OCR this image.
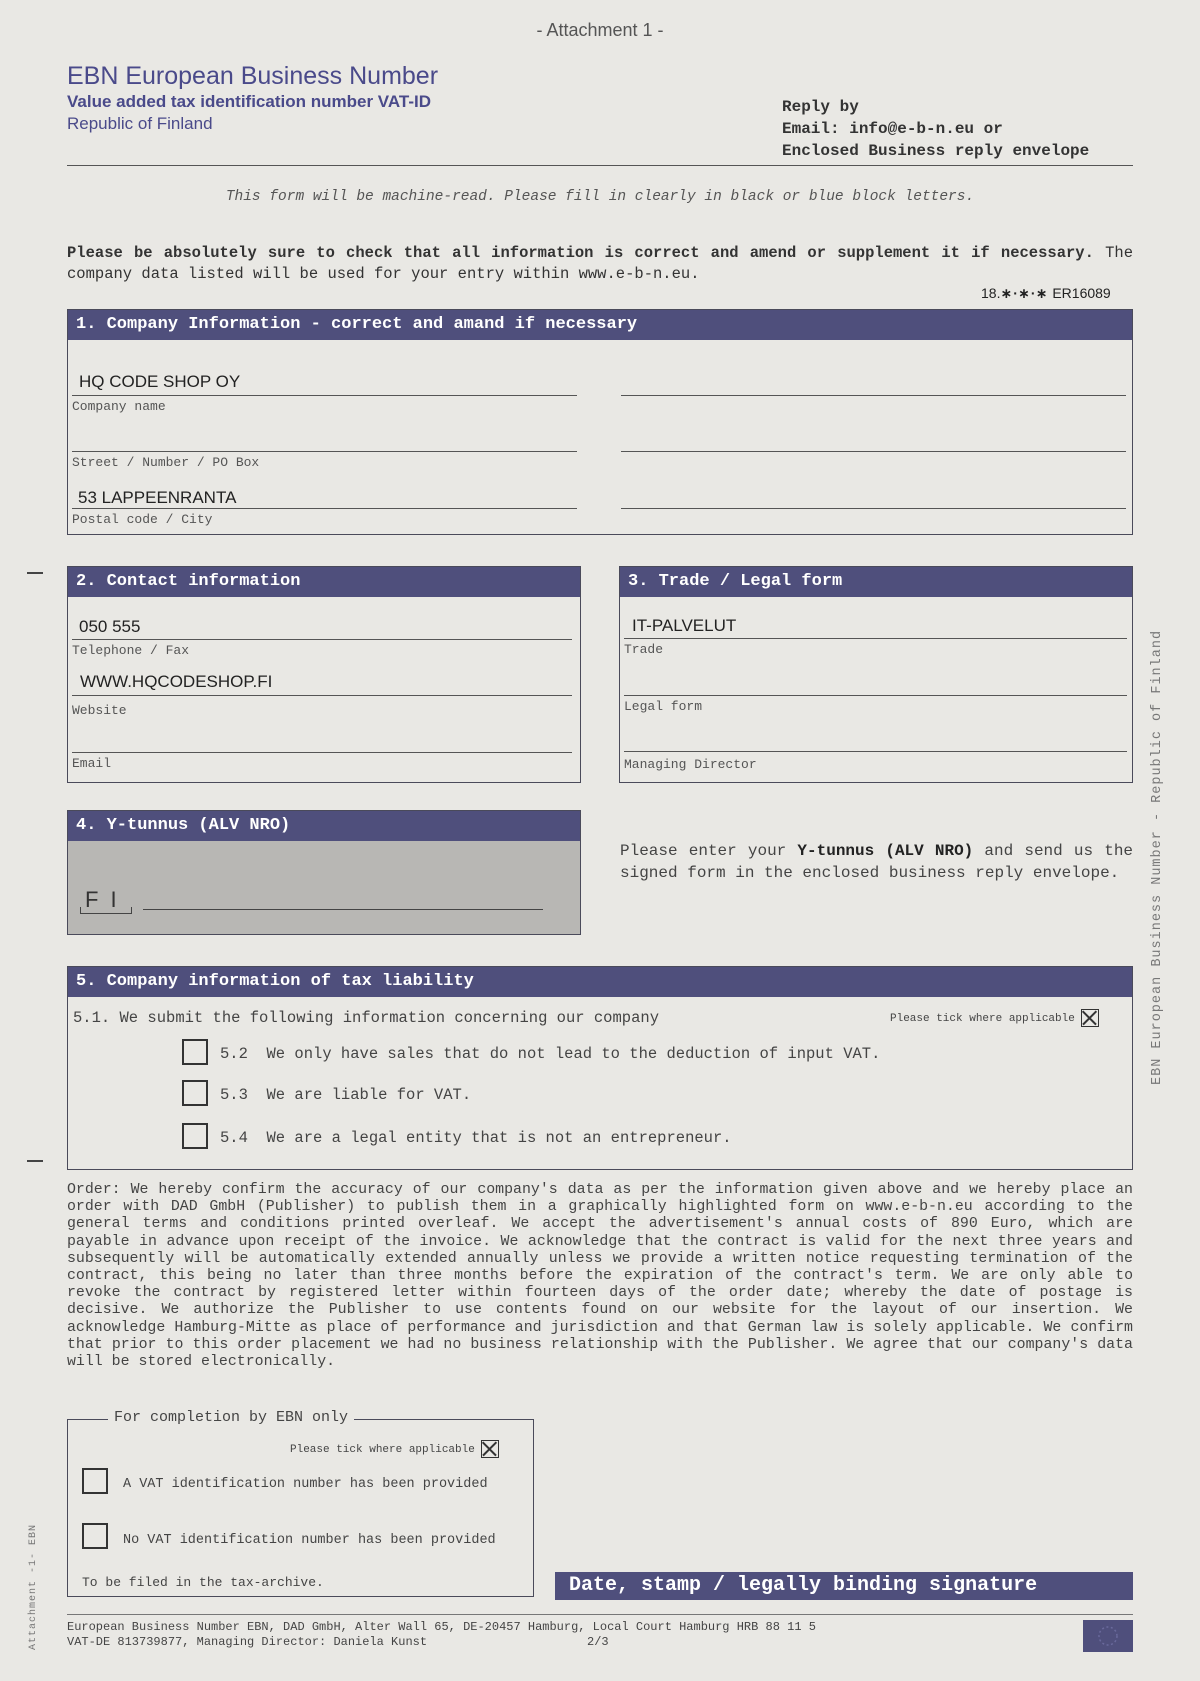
- Attachment 1 -
EBN European Business Number
Value added tax identification number VAT-ID
Republic of Finland
Reply by
Email: info@e-b-n.eu or
Enclosed Business reply envelope
This form will be machine-read. Please fill in clearly in black or blue block letters.
Please be absolutely sure to check that all information is correct and amend or supplement it if necessary. The company data listed will be used for your entry within www.e-b-n.eu.
18.∗∙∗∙∗ ER16089
1. Company Information - correct and amand if necessary
HQ CODE SHOP OY
Company name
Street / Number / PO Box
53 LAPPEENRANTA
Postal code / City
2. Contact information
050 555
Telephone / Fax
WWW.HQCODESHOP.FI
Website
Email
3. Trade / Legal form
IT-PALVELUT
Trade
Legal form
Managing Director
4. Y-tunnus (ALV NRO)
F I
Please enter your Y-tunnus (ALV NRO) and send us the signed form in the enclosed business reply envelope.
5. Company information of tax liability
5.1. We submit the following information concerning our company	Please tick where applicable
5.2  We only have sales that do not lead to the deduction of input VAT.
5.3  We are liable for VAT.
5.4  We are a legal entity that is not an entrepreneur.
Order: We hereby confirm the accuracy of our company's data as per the information given above and we hereby place an order with DAD GmbH (Publisher) to publish them in a graphically highlighted form on www.e-b-n.eu according to the general terms and conditions printed overleaf. We accept the advertisement's annual costs of 890 Euro, which are payable in advance upon receipt of the invoice. We acknowledge that the contract is valid for the next three years and subsequently will be automatically extended annually unless we provide a written notice requesting termination of the contract, this being no later than three months before the expiration of the contract's term. We are only able to revoke the contract by registered letter within fourteen days of the order date; whereby the date of postage is decisive. We authorize the Publisher to use contents found on our website for the layout of our insertion. We acknowledge Hamburg-Mitte as place of performance and jurisdiction and that German law is solely applicable. We confirm that prior to this order placement we had no business relationship with the Publisher. We agree that our company's data will be stored electronically.
For completion by EBN only
Please tick where applicable
A VAT identification number has been provided
No VAT identification number has been provided
To be filed in the tax-archive.	Date, stamp / legally binding signature
European Business Number EBN, DAD GmbH, Alter Wall 65, DE-20457 Hamburg, Local Court Hamburg HRB 88 11 5
VAT-DE 813739877, Managing Director: Daniela Kunst	2/3
EBN European Business Number - Republic of Finland
Attachment -1- EBN
